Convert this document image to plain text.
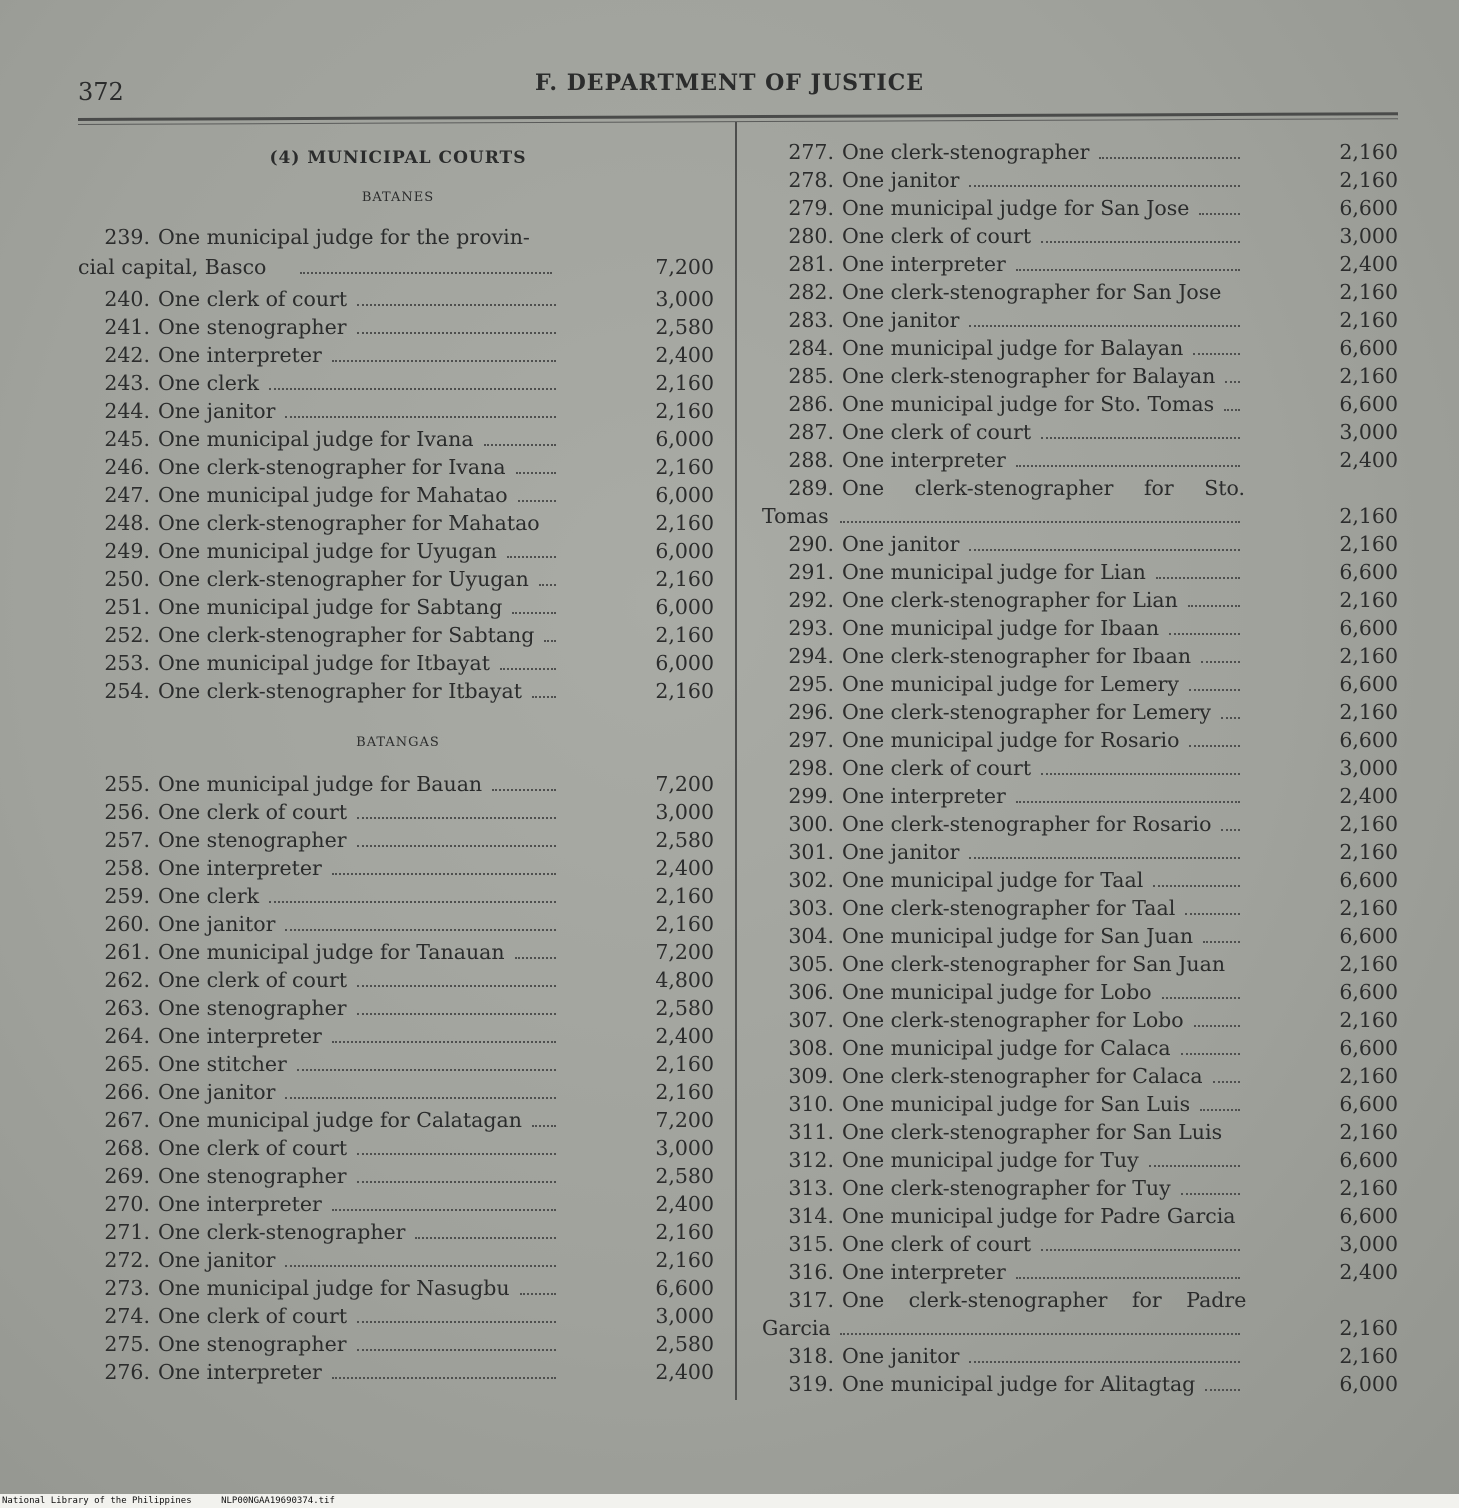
372	F. DEPARTMENT OF JUSTICE
(4) MUNICIPAL COURTS
BATANES
239. One municipal judge for the provin-
cial capital, Basco	7,200
240. One clerk of court	3,000
241. One stenographer	2,580
242. One interpreter	2,400
243. One clerk	2,160
244. One janitor	2,160
245. One municipal judge for Ivana	6,000
246. One clerk-stenographer for Ivana	2,160
247. One municipal judge for Mahatao	6,000
248. One clerk-stenographer for Mahatao	2,160
249. One municipal judge for Uyugan	6,000
250. One clerk-stenographer for Uyugan	2,160
251. One municipal judge for Sabtang	6,000
252. One clerk-stenographer for Sabtang	2,160
253. One municipal judge for Itbayat	6,000
254. One clerk-stenographer for Itbayat	2,160
BATANGAS
255. One municipal judge for Bauan	7,200
256. One clerk of court	3,000
257. One stenographer	2,580
258. One interpreter	2,400
259. One clerk	2,160
260. One janitor	2,160
261. One municipal judge for Tanauan	7,200
262. One clerk of court	4,800
263. One stenographer	2,580
264. One interpreter	2,400
265. One stitcher	2,160
266. One janitor	2,160
267. One municipal judge for Calatagan	7,200
268. One clerk of court	3,000
269. One stenographer	2,580
270. One interpreter	2,400
271. One clerk-stenographer	2,160
272. One janitor	2,160
273. One municipal judge for Nasugbu	6,600
274. One clerk of court	3,000
275. One stenographer	2,580
276. One interpreter	2,400
277. One clerk-stenographer	2,160
278. One janitor	2,160
279. One municipal judge for San Jose	6,600
280. One clerk of court	3,000
281. One interpreter	2,400
282. One clerk-stenographer for San Jose	2,160
283. One janitor	2,160
284. One municipal judge for Balayan	6,600
285. One clerk-stenographer for Balayan	2,160
286. One municipal judge for Sto. Tomas	6,600
287. One clerk of court	3,000
288. One interpreter	2,400
289. One clerk-stenographer for Sto.
Tomas	2,160
290. One janitor	2,160
291. One municipal judge for Lian	6,600
292. One clerk-stenographer for Lian	2,160
293. One municipal judge for Ibaan	6,600
294. One clerk-stenographer for Ibaan	2,160
295. One municipal judge for Lemery	6,600
296. One clerk-stenographer for Lemery	2,160
297. One municipal judge for Rosario	6,600
298. One clerk of court	3,000
299. One interpreter	2,400
300. One clerk-stenographer for Rosario	2,160
301. One janitor	2,160
302. One municipal judge for Taal	6,600
303. One clerk-stenographer for Taal	2,160
304. One municipal judge for San Juan	6,600
305. One clerk-stenographer for San Juan	2,160
306. One municipal judge for Lobo	6,600
307. One clerk-stenographer for Lobo	2,160
308. One municipal judge for Calaca	6,600
309. One clerk-stenographer for Calaca	2,160
310. One municipal judge for San Luis	6,600
311. One clerk-stenographer for San Luis	2,160
312. One municipal judge for Tuy	6,600
313. One clerk-stenographer for Tuy	2,160
314. One municipal judge for Padre Garcia	6,600
315. One clerk of court	3,000
316. One interpreter	2,400
317. One clerk-stenographer for Padre
Garcia	2,160
318. One janitor	2,160
319. One municipal judge for Alitagtag	6,000
National Library of the Philippines	NLP00NGAA19690374.tif
